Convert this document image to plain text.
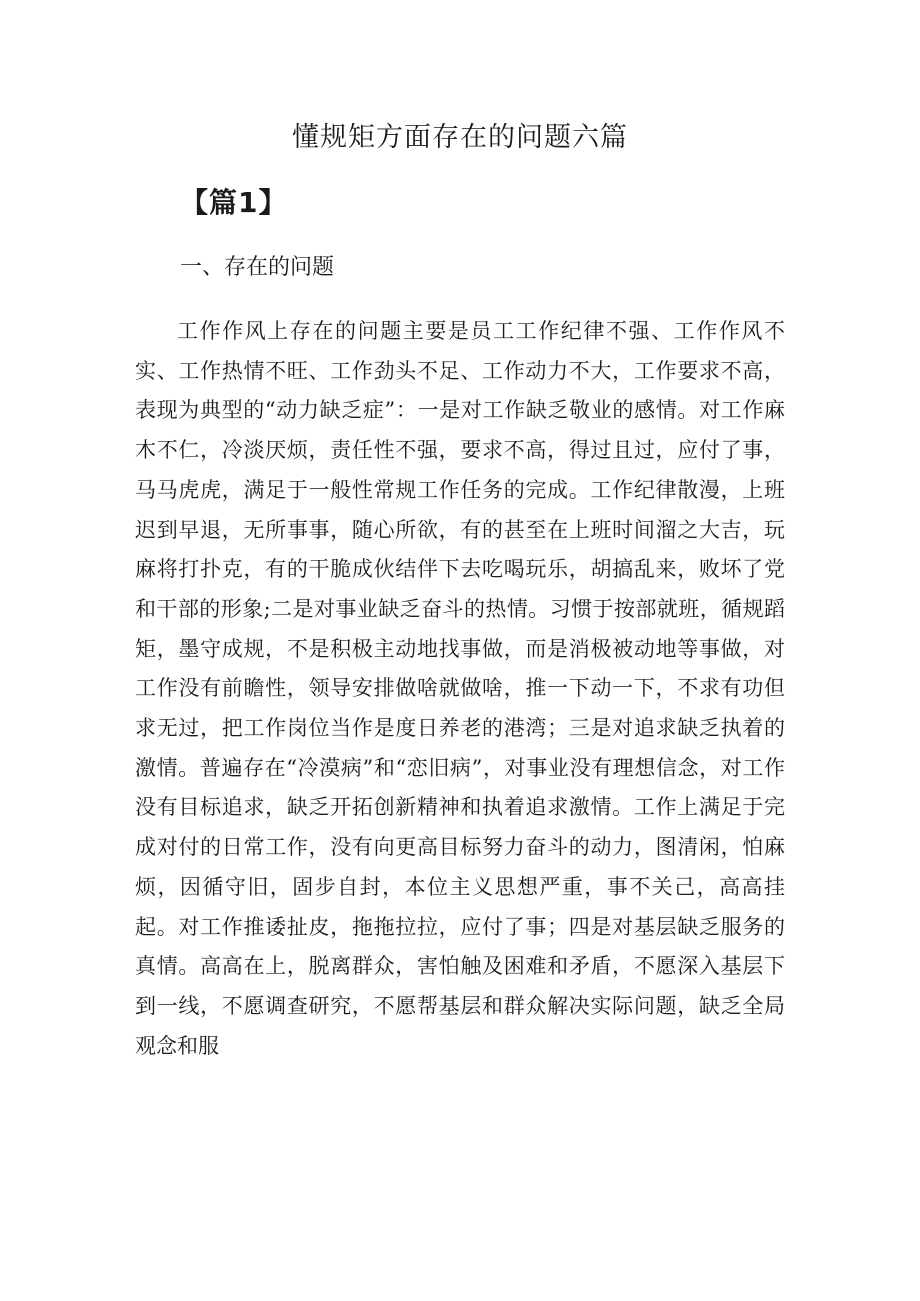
懂规矩方面存在的问题六篇
【篇1】
一、存在的问题

工作作风上存在的问题主要是员工工作纪律不强、工作作风不实、工作热情不旺、工作劲头不足、工作动力不大，工作要求不高，表现为典型的“动力缺乏症”：一是对工作缺乏敬业的感情。对工作麻木不仁，冷淡厌烦，责任性不强，要求不高，得过且过，应付了事，马马虎虎，满足于一般性常规工作任务的完成。工作纪律散漫，上班迟到早退，无所事事，随心所欲，有的甚至在上班时间溜之大吉，玩麻将打扑克，有的干脆成伙结伴下去吃喝玩乐，胡搞乱来，败坏了党和干部的形象;二是对事业缺乏奋斗的热情。习惯于按部就班，循规蹈矩，墨守成规，不是积极主动地找事做，而是消极被动地等事做，对工作没有前瞻性，领导安排做啥就做啥，推一下动一下，不求有功但求无过，把工作岗位当作是度日养老的港湾；三是对追求缺乏执着的激情。普遍存在“冷漠病”和“恋旧病”，对事业没有理想信念，对工作没有目标追求，缺乏开拓创新精神和执着追求激情。工作上满足于完成对付的日常工作，没有向更高目标努力奋斗的动力，图清闲，怕麻烦，因循守旧，固步自封，本位主义思想严重，事不关己，高高挂起。对工作推诿扯皮，拖拖拉拉，应付了事；四是对基层缺乏服务的真情。高高在上，脱离群众，害怕触及困难和矛盾，不愿深入基层下到一线，不愿调查研究，不愿帮基层和群众解决实际问题，缺乏全局观念和服
